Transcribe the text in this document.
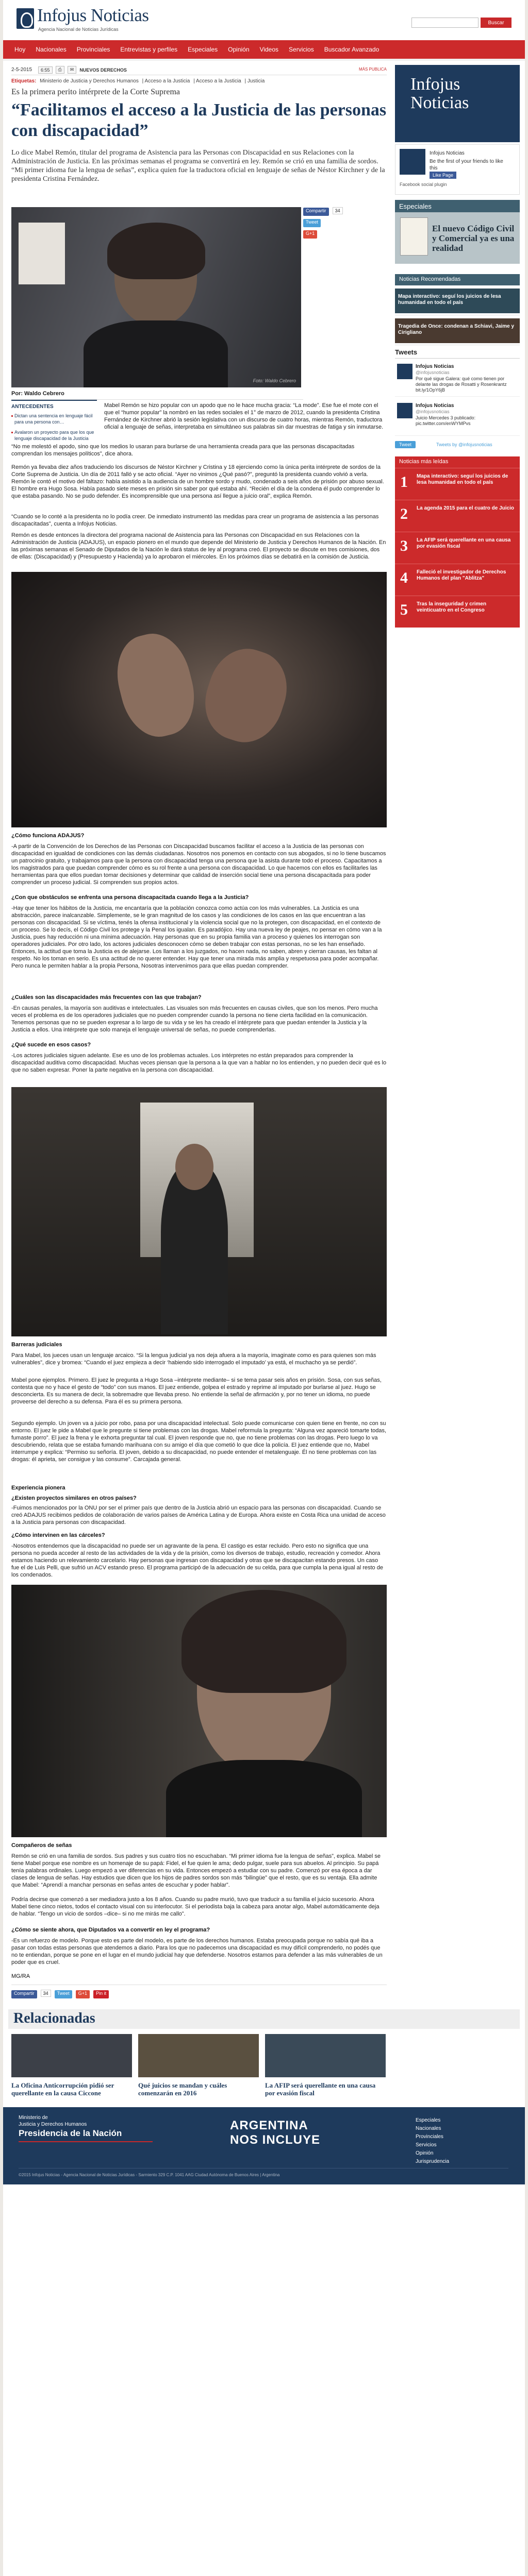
Infojus Noticias
Agencia Nacional de Noticias Jurídicas
Buscar
Hoy Nacionales Provinciales Entrevistas y perfiles Especiales Opinión Videos Servicios Buscador Avanzado
2-5-2015	6:55	⎙	✉	NUEVOS DERECHOS	MÁS PUBLICA
Etiquetas: Ministerio de Justicia y Derechos Humanos | Acceso a la Justicia | Acceso a la Justicia | Justicia
Es la primera perito intérprete de la Corte Suprema
“Facilitamos el acceso a la Justicia de las personas con discapacidad”

Lo dice Mabel Remón, titular del programa de Asistencia para las Personas con Discapacidad en sus Relaciones con la Administración de Justicia. En las próximas semanas el programa se convertirá en ley. Remón se crió en una familia de sordos. “Mi primer idioma fue la lengua de señas”, explica quien fue la traductora oficial en lenguaje de señas de Néstor Kirchner y de la presidenta Cristina Fernández.

Foto: Waldo Cebrero
Compartir 34
Tweet
G+1
Por: Waldo Cebrero
ANTECEDENTES
Dictan una sentencia en lenguaje fácil para una persona con…
Avalaron un proyecto para que los que lenguaje discapacidad de la Justicia

Mabel Remón se hizo popular con un apodo que no le hace mucha gracia: “La mode”. Ese fue el mote con el que el “humor popular” la nombró en las redes sociales el 1° de marzo de 2012, cuando la presidenta Cristina Fernández de Kirchner abrió la sesión legislativa con un discurso de cuatro horas, mientras Remón, traductora oficial a lenguaje de señas, interpretaba en simultáneo sus palabras sin dar muestras de fatiga y sin inmutarse.

“No me molestó el apodo, sino que los medios lo usaran para burlarse de una herramienta creada para que las personas discapacitadas comprendan los mensajes políticos”, dice ahora.

Remón ya llevaba diez años traduciendo los discursos de Néstor Kirchner y Cristina y 18 ejerciendo como la única perita intérprete de sordos de la Corte Suprema de Justicia. Un día de 2011 falló y se acto oficial. “Ayer no vinimos ¿Qué pasó?”, preguntó la presidenta cuando volvió a verla. Remón le contó el motivo del faltazo: había asistido a la audiencia de un hombre sordo y mudo, condenado a seis años de prisión por abuso sexual. El hombre era Hugo Sosa. Había pasado siete meses en prisión sin saber por qué estaba ahí. “Recién el día de la condena él pudo comprender lo que estaba pasando. No se pudo defender. Es incomprensible que una persona así llegue a juicio oral”, explica Remón.

“Cuando se lo conté a la presidenta no lo podía creer. De inmediato instrumentó las medidas para crear un programa de asistencia a las personas discapacitadas”, cuenta a Infojus Noticias.

Remón es desde entonces la directora del programa nacional de Asistencia para las Personas con Discapacidad en sus Relaciones con la Administración de Justicia (ADAJUS), un espacio pionero en el mundo que depende del Ministerio de Justicia y Derechos Humanos de la Nación. En las próximas semanas el Senado de Diputados de la Nación le dará status de ley al programa creó. El proyecto se discute en tres comisiones, dos de ellas: (Discapacidad) y (Presupuesto y Hacienda) ya lo aprobaron el miércoles. En los próximos días se debatirá en la comisión de Justicia.

¿Cómo funciona ADAJUS?

-A partir de la Convención de los Derechos de las Personas con Discapacidad buscamos facilitar el acceso a la Justicia de las personas con discapacidad en igualdad de condiciones con las demás ciudadanas. Nosotros nos ponemos en contacto con sus abogados, si no lo tiene buscamos un patrocinio gratuito, y trabajamos para que la persona con discapacidad tenga una persona que la asista durante todo el proceso. Capacitamos a los magistrados para que puedan comprender cómo es su rol frente a una persona con discapacidad. Lo que hacemos con ellos es facilitarles las herramientas para que ellos puedan tomar decisiones y determinar que calidad de inserción social tiene una persona discapacitada para poder comprender un proceso judicial. Si comprenden sus propios actos.

¿Con que obstáculos se enfrenta una persona discapacitada cuando llega a la Justicia?

-Hay que tener los hábitos de la Justicia, me encantaría que la población conozca como actúa con los más vulnerables. La Justicia es una abstracción, parece inalcanzable. Simplemente, se le gran magnitud de los casos y las condiciones de los casos en las que encuentran a las personas con discapacidad. Si se víctima, tenés la ofensa institucional y la violencia social que no la protegen, con discapacidad, en el contexto de un proceso. Se lo decís, el Código Civil los protege y la Penal los igualan. Es paradójico. Hay una nueva ley de peajes, no pensar en cómo van a la Justicia, pues hay reducción ni una mínima adecuación. Hay personas que en su propia familia van a proceso y quienes los interrogan son operadores judiciales. Por otro lado, los actores judiciales desconocen cómo se deben trabajar con estas personas, no se les han enseñado. Entonces, la actitud que toma la Justicia es de alejarse. Los llaman a los juzgados, no hacen nada, no saben, abren y cierran causas, les faltan al respeto. No los toman en serio. Es una actitud de no querer entender. Hay que tener una mirada más amplia y respetuosa para poder acompañar. Pero nunca le permiten hablar a la propia Persona, Nosotras intervenimos para que ellas puedan comprender.

¿Cuáles son las discapacidades más frecuentes con las que trabajan?

-En causas penales, la mayoría son auditivas e intelectuales. Las visuales son más frecuentes en causas civiles, que son los menos. Pero mucha veces el problema es de los operadores judiciales que no pueden comprender cuando la persona no tiene cierta facilidad en la comunicación. Tenemos personas que no se pueden expresar a lo largo de su vida y se les ha creado el intérprete para que puedan entender la Justicia y la Justicia a ellos. Una intérprete que solo maneja el lenguaje universal de señas, no puede comprenderlas.

¿Qué sucede en esos casos?

-Los actores judiciales siguen adelante. Ese es uno de los problemas actuales. Los intérpretes no están preparados para comprender la discapacidad auditiva como discapacidad. Muchas veces piensan que la persona a la que van a hablar no los entienden, y no pueden decir qué es lo que no saben expresar. Poner la parte negativa en la persona con discapacidad.

Barreras judiciales

Para Mabel, los jueces usan un lenguaje arcaico. “Si la lengua judicial ya nos deja afuera a la mayoría, imaginate como es para quienes son más vulnerables”, dice y bromea: “Cuando el juez empieza a decir ‘habiendo sido interrogado el imputado’ ya está, el muchacho ya se perdió”.

Mabel pone ejemplos. Primero. El juez le pregunta a Hugo Sosa –intérprete mediante– si se tema pasar seis años en prisión. Sosa, con sus señas, contesta que no y hace el gesto de “todo” con sus manos. El juez entiende, golpea el estrado y reprime al imputado por burlarse al juez. Hugo se desconcierta. Es su manera de decir, la sobremadre que llevaba preso. No entiende la señal de afirmación y, por no tener un idioma, no puede proveerse del derecho a su defensa. Para él es su primera persona.

Segundo ejemplo. Un joven va a juicio por robo, pasa por una discapacidad intelectual. Solo puede comunicarse con quien tiene en frente, no con su entorno. El juez le pide a Mabel que le pregunte si tiene problemas con las drogas. Mabel reformula la pregunta: “Alguna vez apareció tomarte todas, fumaste porro”. El juez la frena y le exhorta preguntar tal cual. El joven responde que no, que no tiene problemas con las drogas. Pero luego lo va descubriendo, relata que se estaba fumando marihuana con su amigo el día que cometió lo que dice la policía. El juez entiende que no, Mabel interrumpe y explica: “Permiso su señoría. El joven, debido a su discapacidad, no puede entender el metalenguaje. Él no tiene problemas con las drogas: él aprieta, ser consigue y las consume”. Carcajada general.

Experiencia pionera
¿Existen proyectos similares en otros países?

-Fuimos mencionados por la ONU por ser el primer país que dentro de la Justicia abrió un espacio para las personas con discapacidad. Cuando se creó ADAJUS recibimos pedidos de colaboración de varios países de América Latina y de Europa. Ahora existe en Costa Rica una unidad de acceso a la Justicia para personas con discapacidad.

¿Cómo intervinen en las cárceles?

-Nosotros entendemos que la discapacidad no puede ser un agravante de la pena. El castigo es estar recluido. Pero esto no significa que una persona no pueda acceder al resto de las actividades de la vida y de la prisión, como los diversos de trabajo, estudio, recreación y comedor. Ahora estamos haciendo un relevamiento carcelario. Hay personas que ingresan con discapacidad y otras que se discapacitan estando presos. Un caso fue el de Luis Pelli, que sufrió un ACV estando preso. El programa participó de la adecuación de su celda, para que cumpla la pena igual al resto de los condenados.

Compañeros de señas

Remón se crió en una familia de sordos. Sus padres y sus cuatro tíos no escuchaban. “Mi primer idioma fue la lengua de señas”, explica. Mabel se tiene Mabel porque ese nombre es un homenaje de su papá: Fidel, el fue quien le ama; dedo pulgar, suele para sus abuelos. Al principio. Su papá tenía palabras ordinales. Luego empezó a ver diferencias en su vida. Entonces empezó a estudiar con su padre. Comenzó por esa época a dar clases de lengua de señas. Hay estudios que dicen que los hijos de padres sordos son más “bilingüe” que el resto, que es su ventaja. Ella admite que Mabel: “Aprendí a manchar personas en señas antes de escuchar y poder hablar”.

Podría decirse que comenzó a ser mediadora justo a los 8 años. Cuando su padre murió, tuvo que traducir a su familia el juicio sucesorio. Ahora Mabel tiene cinco nietos, todos el contacto visual con su interlocutor. Si el periodista baja la cabeza para anotar algo, Mabel automáticamente deja de hablar. “Tengo un vicio de sordos –dice– si no me mirás me callo”.

¿Cómo se siente ahora, que Diputados va a convertir en ley el programa?

-Es un refuerzo de modelo. Porque esto es parte del modelo, es parte de los derechos humanos. Estaba preocupada porque no sabía qué iba a pasar con todas estas personas que atendemos a diario. Para los que no padecemos una discapacidad es muy difícil comprenderlo, no podés que no te entiendan, porque se pone en el lugar en el mundo judicial hay que defenderse. Nosotros estamos para defender a las más vulnerables de un poder que es cruel.

MG/RA
Compartir 34 Tweet G+1 Pin it
Relacionadas
La Oficina Anticorrupción pidió ser querellante en la causa Ciccone
Qué juicios se mandan y cuáles comenzarán en 2016
La AFIP será querellante en una causa por evasión fiscal
Ministerio de
Justicia y Derechos Humanos
Presidencia de la Nación
ARGENTINA
NOS INCLUYE
Especiales
Nacionales
Provinciales
Servicios
Opinión
Jurisprudencia
©2015 Infojus Noticias - Agencia Nacional de Noticias Jurídicas - Sarmiento 329 C.P. 1041 AAG Ciudad Autónoma de Buenos Aires | Argentina
Infojus Noticias
Infojus Noticias
Be the first of your friends to like this
Like Page
Facebook social plugin
Especiales
El nuevo Código Civil y Comercial ya es una realidad
Noticias Recomendadas
Mapa interactivo: seguí los juicios de lesa humanidad en todo el país
Tragedia de Once: condenan a Schiavi, Jaime y Cirigliano
Tweets
Infojus Noticias
@infojusnoticias
Por qué sigue Galera: qué como tienen por delante las drogas de Rosatti y Rosenkrantz bit.ly/1OpY6jB
Infojus Noticias
@infojusnoticias
Juicio Mercedes 3 publicado: pic.twitter.com/enWYMPvs
Tweet	Tweets by @infojusnoticias
Noticias más leídas
1 Mapa interactivo: seguí los juicios de lesa humanidad en todo el país
2 La agenda 2015 para el cuatro de Juicio
3 La AFIP será querellante en una causa por evasión fiscal
4 Falleció el investigador de Derechos Humanos del plan "Ablitza"
5 Tras la inseguridad y crimen veinticuatro en el Congreso
